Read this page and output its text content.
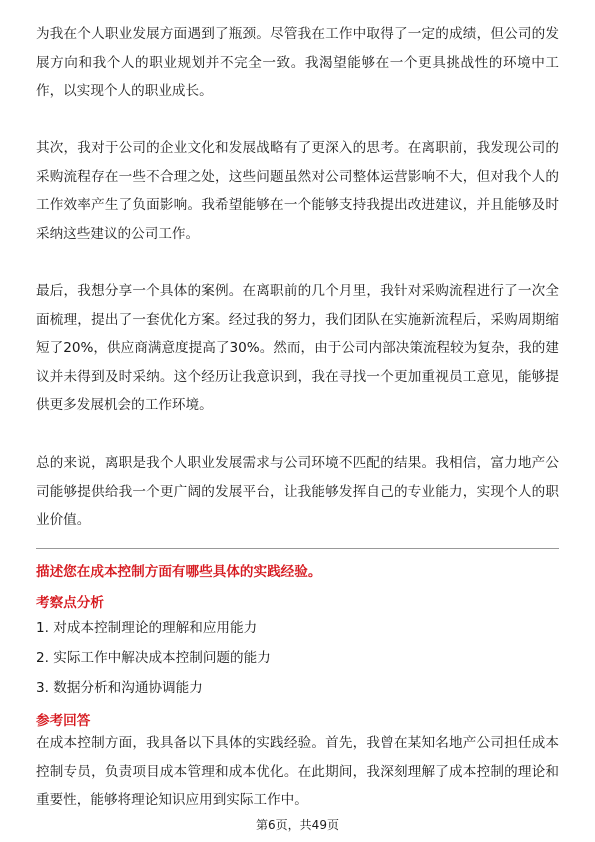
为我在个人职业发展方面遇到了瓶颈。尽管我在工作中取得了一定的成绩，但公司的发展方向和我个人的职业规划并不完全一致。我渴望能够在一个更具挑战性的环境中工作，以实现个人的职业成长。

其次，我对于公司的企业文化和发展战略有了更深入的思考。在离职前，我发现公司的采购流程存在一些不合理之处，这些问题虽然对公司整体运营影响不大，但对我个人的工作效率产生了负面影响。我希望能够在一个能够支持我提出改进建议，并且能够及时采纳这些建议的公司工作。

最后，我想分享一个具体的案例。在离职前的几个月里，我针对采购流程进行了一次全面梳理，提出了一套优化方案。经过我的努力，我们团队在实施新流程后，采购周期缩短了20%，供应商满意度提高了30%。然而，由于公司内部决策流程较为复杂，我的建议并未得到及时采纳。这个经历让我意识到，我在寻找一个更加重视员工意见，能够提供更多发展机会的工作环境。

总的来说，离职是我个人职业发展需求与公司环境不匹配的结果。我相信，富力地产公司能够提供给我一个更广阔的发展平台，让我能够发挥自己的专业能力，实现个人的职业价值。

描述您在成本控制方面有哪些具体的实践经验。
考察点分析
1. 对成本控制理论的理解和应用能力
2. 实际工作中解决成本控制问题的能力
3. 数据分析和沟通协调能力
参考回答

在成本控制方面，我具备以下具体的实践经验。首先，我曾在某知名地产公司担任成本控制专员，负责项目成本管理和成本优化。在此期间，我深刻理解了成本控制的理论和重要性，能够将理论知识应用到实际工作中。

第6页，共49页
